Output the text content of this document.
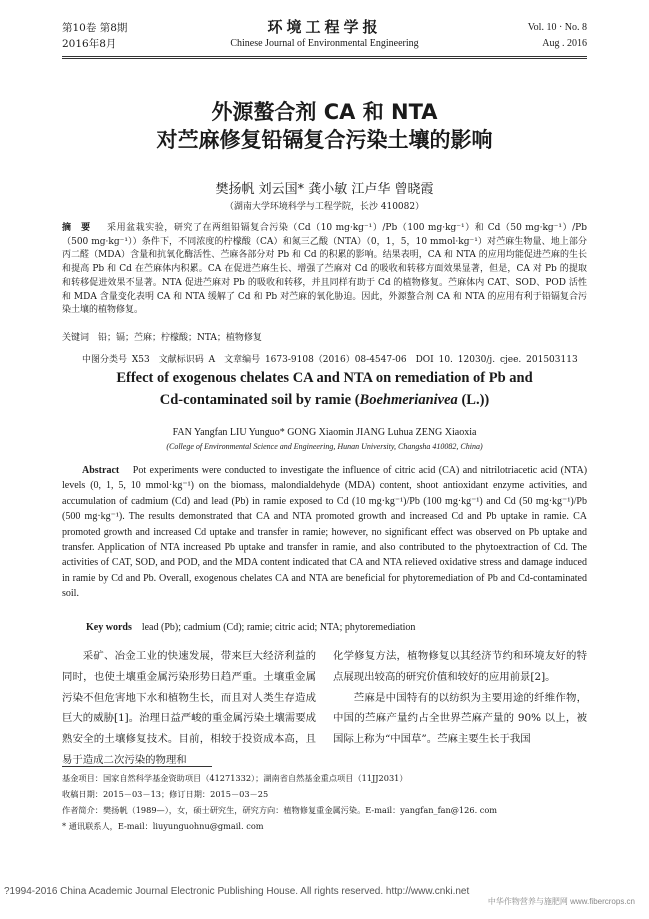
第10卷 第8期
2016年8月
环境工程学报
Chinese Journal of Environmental Engineering
Vol. 10 · No. 8
Aug . 2016
外源螯合剂 CA 和 NTA
对苎麻修复铅镉复合污染土壤的影响
樊扬帆 刘云国* 龚小敏 江卢华 曾晓霞
（湖南大学环境科学与工程学院，长沙 410082）
摘　要 　 采用盆栽实验，研究了在两组铅镉复合污染（Cd（10 mg·kg⁻¹）/Pb（100 mg·kg⁻¹）和 Cd（50 mg·kg⁻¹）/Pb（500 mg·kg⁻¹））条件下，不同浓度的柠檬酸（CA）和氮三乙酸（NTA）（0，1，5，10 mmol·kg⁻¹）对苎麻生物量、地上部分丙二醛（MDA）含量和抗氧化酶活性、苎麻各部分对 Pb 和 Cd 的积累的影响。结果表明，CA 和 NTA 的应用均能促进苎麻的生长和提高 Pb 和 Cd 在苎麻体内积累。CA 在促进苎麻生长、增强了苎麻对 Cd 的吸收和转移方面效果显著，但是，CA 对 Pb 的提取和转移促进效果不显著。NTA 促进苎麻对 Pb 的吸收和转移，并且同样有助于 Cd 的植物修复。苎麻体内 CAT、SOD、POD 活性和 MDA 含量变化表明 CA 和 NTA 缓解了 Cd 和 Pb 对苎麻的氧化胁迫。因此，外源螯合剂 CA 和 NTA 的应用有利于铅镉复合污染土壤的植物修复。
关键词　铅；镉；苎麻；柠檬酸；NTA；植物修复
中图分类号 X53　文献标识码 A　文章编号 1673-9108（2016）08-4547-06　DOI 10. 12030/j. cjee. 201503113
Effect of exogenous chelates CA and NTA on remediation of Pb and
Cd-contaminated soil by ramie (Boehmerianivea (L.))
FAN Yangfan LIU Yunguo* GONG Xiaomin JIANG Luhua ZENG Xiaoxia
(College of Environmental Science and Engineering, Hunan University, Changsha 410082, China)
Abstract Pot experiments were conducted to investigate the influence of citric acid (CA) and nitrilotriacetic acid (NTA) levels (0, 1, 5, 10 mmol·kg⁻¹) on the biomass, malondialdehyde (MDA) content, shoot antioxidant enzyme activities, and accumulation of cadmium (Cd) and lead (Pb) in ramie exposed to Cd (10 mg·kg⁻¹)/Pb (100 mg·kg⁻¹) and Cd (50 mg·kg⁻¹)/Pb (500 mg·kg⁻¹). The results demonstrated that CA and NTA promoted growth and increased Cd and Pb uptake in ramie. CA promoted growth and increased Cd uptake and transfer in ramie; however, no significant effect was observed on Pb uptake and transfer. Application of NTA increased Pb uptake and transfer in ramie, and also contributed to the phytoextraction of Cd. The activities of CAT, SOD, and POD, and the MDA content indicated that CA and NTA relieved oxidative stress and damage induced in ramie by Cd and Pb. Overall, exogenous chelates CA and NTA are beneficial for phytoremediation of Pb and Cd-contaminated soil.
Key words lead (Pb); cadmium (Cd); ramie; citric acid; NTA; phytoremediation
采矿、冶金工业的快速发展，带来巨大经济利益的同时，也使土壤重金属污染形势日趋严重。土壤重金属污染不但危害地下水和植物生长，而且对人类生存造成巨大的威胁[1]。治理日益严峻的重金属污染土壤需要成熟安全的土壤修复技术。目前，相较于投资成本高，且易于造成二次污染的物理和
化学修复方法，植物修复以其经济节约和环境友好的特点展现出较高的研究价值和较好的应用前景[2]。
苎麻是中国特有的以纺织为主要用途的纤维作物，中国的苎麻产量约占全世界苎麻产量的 90% 以上，被国际上称为“中国草”。苎麻主要生长于我国
基金项目：国家自然科学基金资助项目（41271332）；湖南省自然基金重点项目（11JJ2031）
收稿日期：2015－03－13；修订日期：2015－03－25
作者简介：樊扬帆（1989—），女，硕士研究生，研究方向：植物修复重金属污染。E-mail：yangfan_fan@126. com
* 通讯联系人，E-mail：liuyunguohnu@gmail. com
?1994-2016 China Academic Journal Electronic Publishing House. All rights reserved. http://www.cnki.net
中华作物营养与施肥网 www.fibercrops.cn
